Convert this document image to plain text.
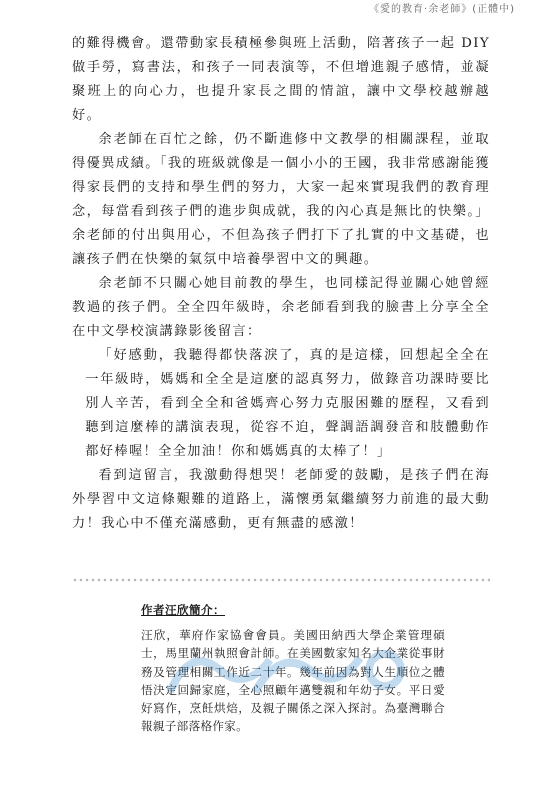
《愛的教育‧余老師》(正體中)

的難得機會。還帶動家長積極參與班上活動，陪著孩子一起 DIY 做手勞，寫書法，和孩子一同表演等，不但增進親子感情，並凝聚班上的向心力，也提升家長之間的情誼，讓中文學校越辦越好。

余老師在百忙之餘，仍不斷進修中文教學的相關課程，並取得優異成績。「我的班級就像是一個小小的王國，我非常感謝能獲得家長們的支持和學生們的努力，大家一起來實現我們的教育理念，每當看到孩子們的進步與成就，我的內心真是無比的快樂。」余老師的付出與用心，不但為孩子們打下了扎實的中文基礎，也讓孩子們在快樂的氣氛中培養學習中文的興趣。

余老師不只關心她目前教的學生，也同樣記得並關心她曾經教過的孩子們。全全四年級時，余老師看到我的臉書上分享全全在中文學校演講錄影後留言：

「好感動，我聽得都快落淚了，真的是這樣，回想起全全在一年級時，媽媽和全全是這麼的認真努力，做錄音功課時要比別人辛苦，看到全全和爸媽齊心努力克服困難的歷程，又看到聽到這麼棒的講演表現，從容不迫，聲調語調發音和肢體動作都好棒喔！全全加油！你和媽媽真的太棒了！」

看到這留言，我激動得想哭！老師愛的鼓勵，是孩子們在海外學習中文這條艱難的道路上，滿懷勇氣繼續努力前進的最大動力！我心中不僅充滿感動，更有無盡的感激！

作者汪欣簡介：
汪欣，華府作家協會會員。美國田納西大學企業管理碩士，馬里蘭州執照會計師。在美國數家知名大企業從事財務及管理相關工作近二十年。幾年前因為對人生順位之體悟決定回歸家庭，全心照顧年邁雙親和年幼子女。平日愛好寫作，烹飪烘焙，及親子關係之深入探討。為臺灣聯合報親子部落格作家。
